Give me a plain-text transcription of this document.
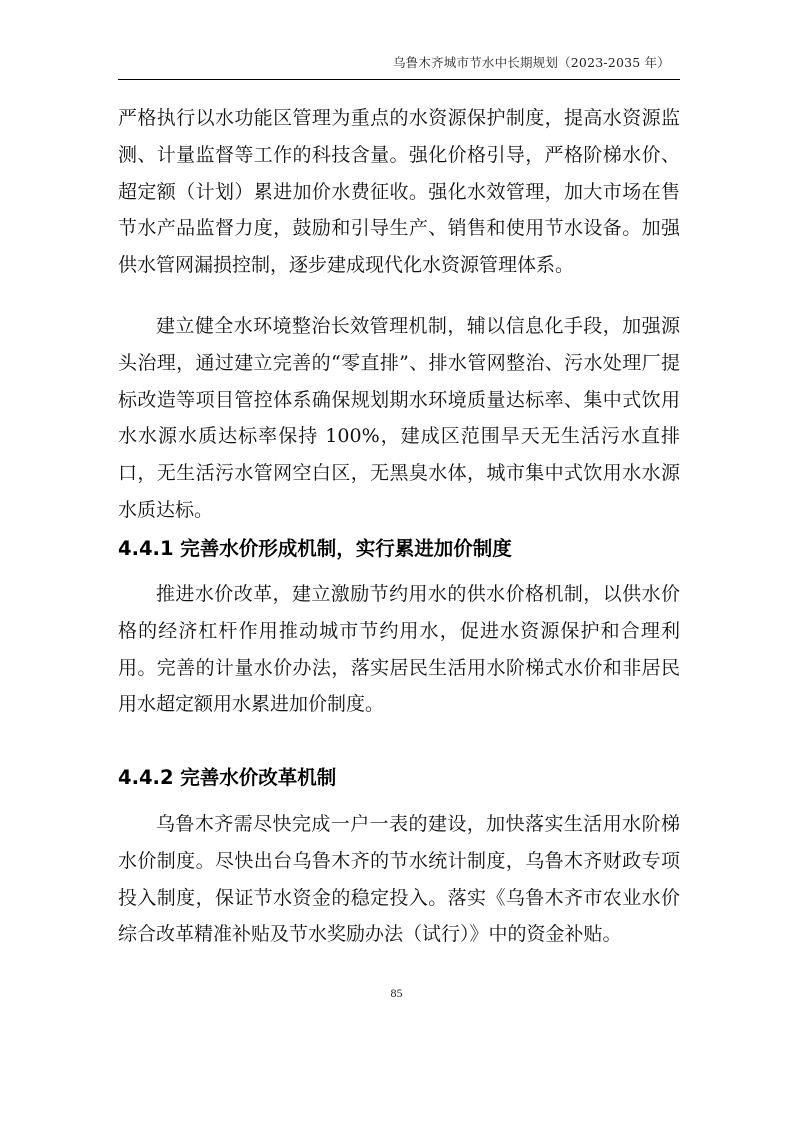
乌鲁木齐城市节水中长期规划（2023-2035 年）

严格执行以水功能区管理为重点的水资源保护制度，提高水资源监测、计量监督等工作的科技含量。强化价格引导，严格阶梯水价、超定额（计划）累进加价水费征收。强化水效管理，加大市场在售节水产品监督力度，鼓励和引导生产、销售和使用节水设备。加强供水管网漏损控制，逐步建成现代化水资源管理体系。

建立健全水环境整治长效管理机制，辅以信息化手段，加强源头治理，通过建立完善的“零直排”、排水管网整治、污水处理厂提标改造等项目管控体系确保规划期水环境质量达标率、集中式饮用水水源水质达标率保持 100%，建成区范围旱天无生活污水直排口，无生活污水管网空白区，无黑臭水体，城市集中式饮用水水源水质达标。

4.4.1 完善水价形成机制，实行累进加价制度

推进水价改革，建立激励节约用水的供水价格机制，以供水价格的经济杠杆作用推动城市节约用水，促进水资源保护和合理利用。完善的计量水价办法，落实居民生活用水阶梯式水价和非居民用水超定额用水累进加价制度。

4.4.2 完善水价改革机制

乌鲁木齐需尽快完成一户一表的建设，加快落实生活用水阶梯水价制度。尽快出台乌鲁木齐的节水统计制度，乌鲁木齐财政专项投入制度，保证节水资金的稳定投入。落实《乌鲁木齐市农业水价综合改革精准补贴及节水奖励办法（试行）》中的资金补贴。

85
